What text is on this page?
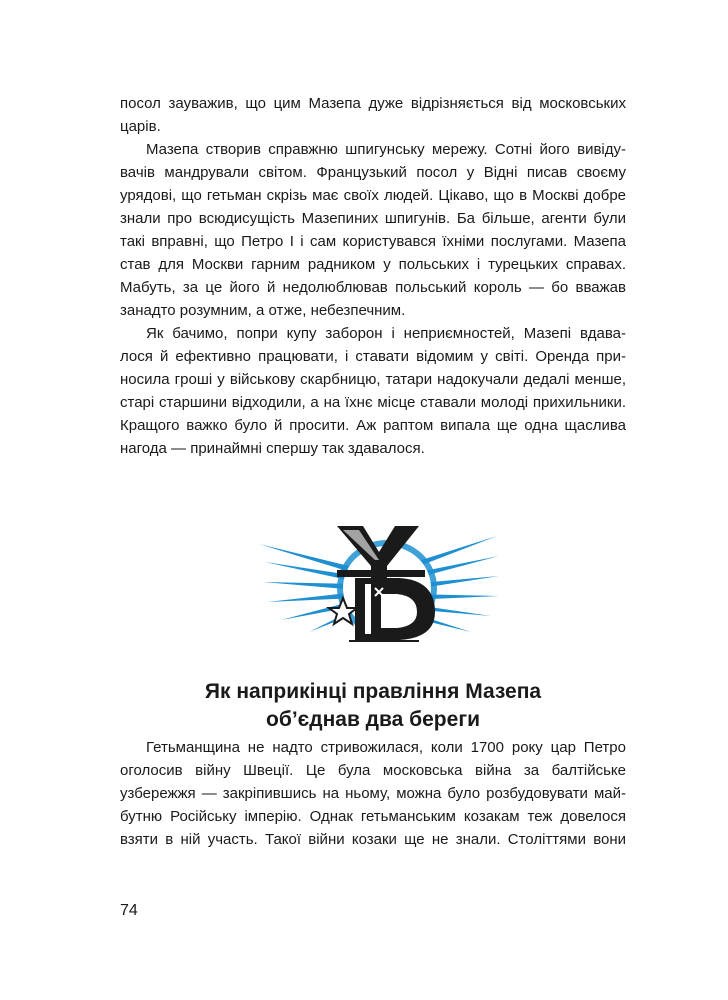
посол зауважив, що цим Мазепа дуже відрізняється від московських
царів.
Мазепа створив справжню шпигунську мережу. Сотні його вивіду-
вачів мандрували світом. Французький посол у Відні писав своєму
урядові, що гетьман скрізь має своїх людей. Цікаво, що в Москві добре
знали про всюдисущість Мазепиних шпигунів. Ба більше, агенти були
такі вправні, що Петро I і сам користувався їхніми послугами. Мазепа
став для Москви гарним радником у польських і турецьких справах.
Мабуть, за це його й недолюблював польський король — бо вважав
занадто розумним, а отже, небезпечним.
Як бачимо, попри купу заборон і неприємностей, Мазепі вдава-
лося й ефективно працювати, і ставати відомим у світі. Оренда при-
носила гроші у військову скарбницю, татари надокучали дедалі менше,
старі старшини відходили, а на їхнє місце ставали молоді прихильники.
Кращого важко було й просити. Аж раптом випала ще одна щаслива
нагода — принаймні спершу так здавалося.
Як наприкінці правління Мазепа
об’єднав два береги
Гетьманщина не надто стривожилася, коли 1700 року цар Петро
оголосив війну Швеції. Це була московська війна за балтійське
узбережжя — закріпившись на ньому, можна було розбудовувати май-
бутню Російську імперію. Однак гетьманським козакам теж довелося
взяти в ній участь. Такої війни козаки ще не знали. Століттями вони
74
